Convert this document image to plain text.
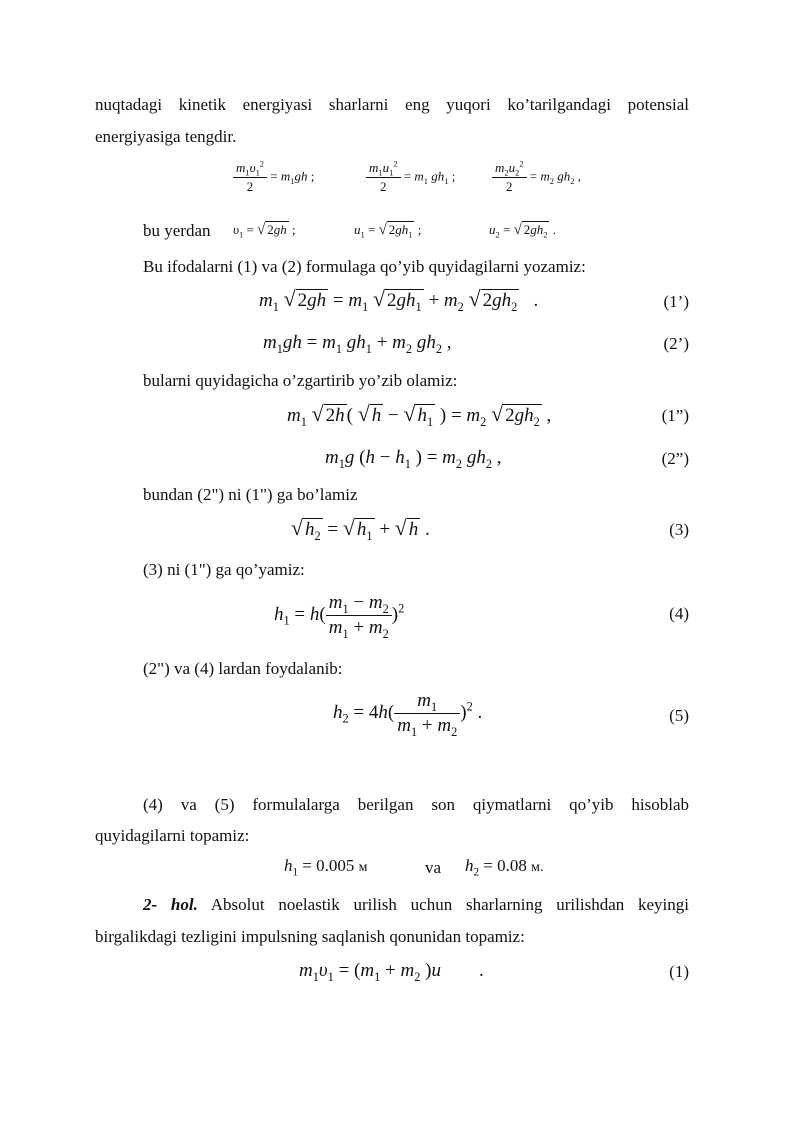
nuqtadagi kinetik energiyasi sharlarni eng yuqori ko’tarilgandagi potensial
energiyasiga tengdir.
$\frac{m_1\upsilon_1^2}{2} = m_1gh$ ;	$\frac{m_1u_1^2}{2} = m_1$ $gh_1$ ;	$\frac{m_2u_2^2}{2} = m_2$ $gh_2$ ,
bu yerdan $\upsilon_1$ = √ 2gh ;	$u_1$ = √ $2gh_1$ ;	$u_2$ = √ $2gh_2$ .
Bu ifodalarni (1) va (2) formulaga qo’yib quyidagilarni yozamiz:
$m_1$ √ $2gh = m_1$ √ $2gh_1 + m_2$ √ $2gh_2$   .	(1’)
$m_1gh = m_1$ $gh_1 + m_2$ $gh_2$ ,	(2’)
bularni quyidagicha o’zgartirib yo’zib olamiz:
$m_1$ √ 2h ( √ h − √ $h_1$ ) = $m_2$ √ $2gh_2$ ,	(1”)
$m_1g$ ($h - h_1$ ) = $m_2$ $gh_2$ ,	(2”)
bundan (2") ni (1") ga bo’lamiz
√ $h_2$ = √ $h_1$ + √ h .	(3)
(3) ni (1") ga qo’yamiz:
$h_1 = h( \frac{m_1 - m_2}{m_1 + m_2} )^2$	(4)
(2") va (4) lardan foydalanib:
$h_2 = 4h( \frac{m_1}{m_1 + m_2} )^2$ .	(5)
(4) va (5) formulalarga berilgan son qiymatlarni qo’yib hisoblab
quyidagilarni topamiz:
$h_1 = 0.005$ м	va $h_2 = 0.08$ м.
2- hol. Absolut noelastik urilish uchun sharlarning urilishdan keyingi
birgalikdagi tezligini impulsning saqlanish qonunidan topamiz:
$m_1\upsilon_1 = (m_1 + m_2$ )u        .	(1)
